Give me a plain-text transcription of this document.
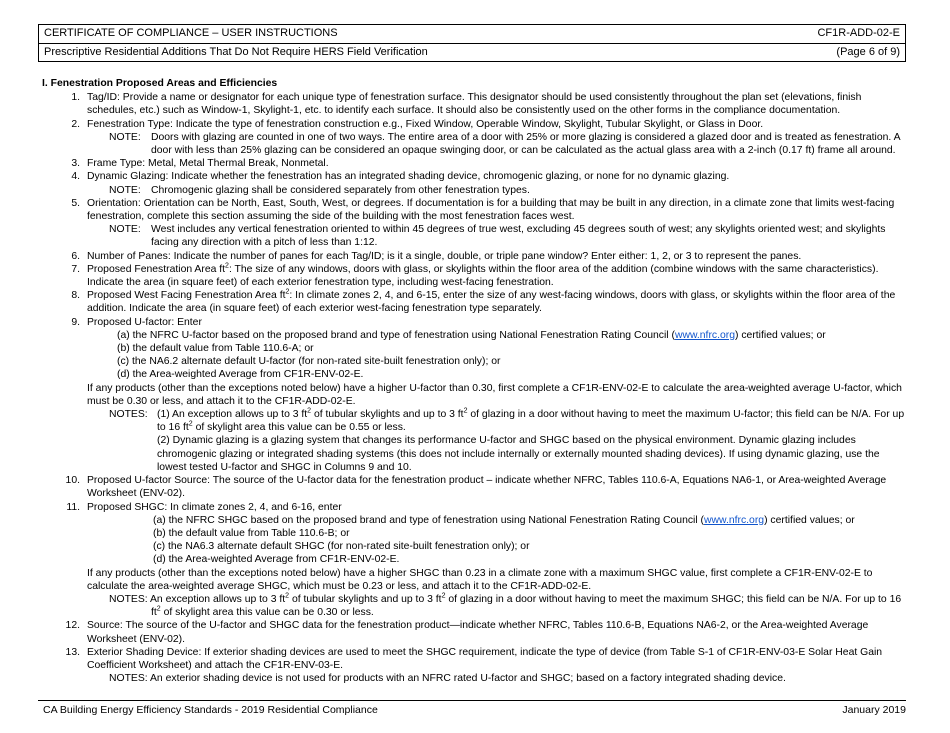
CERTIFICATE OF COMPLIANCE – USER INSTRUCTIONS	CF1R-ADD-02-E
Prescriptive Residential Additions That Do Not Require HERS Field Verification	(Page 6 of 9)
I. Fenestration Proposed Areas and Efficiencies
1. Tag/ID: Provide a name or designator for each unique type of fenestration surface. This designator should be used consistently throughout the plan set (elevations, finish schedules, etc.) such as Window-1, Skylight-1, etc. to identify each surface. It should also be consistently used on the other forms in the compliance documentation.
2. Fenestration Type: Indicate the type of fenestration construction e.g., Fixed Window, Operable Window, Skylight, Tubular Skylight, or Glass in Door.
NOTE: Doors with glazing are counted in one of two ways. The entire area of a door with 25% or more glazing is considered a glazed door and is treated as fenestration. A door with less than 25% glazing can be considered an opaque swinging door, or can be calculated as the actual glass area with a 2-inch (0.17 ft) frame all around.
3. Frame Type: Metal, Metal Thermal Break, Nonmetal.
4. Dynamic Glazing: Indicate whether the fenestration has an integrated shading device, chromogenic glazing, or none for no dynamic glazing.
NOTE: Chromogenic glazing shall be considered separately from other fenestration types.
5. Orientation: Orientation can be North, East, South, West, or degrees. If documentation is for a building that may be built in any direction, in a climate zone that limits west-facing fenestration, complete this section assuming the side of the building with the most fenestration faces west.
NOTE: West includes any vertical fenestration oriented to within 45 degrees of true west, excluding 45 degrees south of west; any skylights oriented west; and skylights facing any direction with a pitch of less than 1:12.
6. Number of Panes: Indicate the number of panes for each Tag/ID; is it a single, double, or triple pane window? Enter either: 1, 2, or 3 to represent the panes.
7. Proposed Fenestration Area $ft^2$: The size of any windows, doors with glass, or skylights within the floor area of the addition (combine windows with the same characteristics). Indicate the area (in square feet) of each exterior fenestration type, including west-facing fenestration.
8. Proposed West Facing Fenestration Area $ft^2$: In climate zones 2, 4, and 6-15, enter the size of any west-facing windows, doors with glass, or skylights within the floor area of the addition. Indicate the area (in square feet) of each exterior west-facing fenestration type separately.
9. Proposed U-factor: Enter
(a) the NFRC U-factor based on the proposed brand and type of fenestration using National Fenestration Rating Council (www.nfrc.org) certified values; or
(b) the default value from Table 110.6-A; or
(c) the NA6.2 alternate default U-factor (for non-rated site-built fenestration only); or
(d) the Area-weighted Average from CF1R-ENV-02-E.
If any products (other than the exceptions noted below) have a higher U-factor than 0.30, first complete a CF1R-ENV-02-E to calculate the area-weighted average U-factor, which must be 0.30 or less, and attach it to the CF1R-ADD-02-E.
NOTES: (1) An exception allows up to 3 $ft^2$ of tubular skylights and up to 3 $ft^2$ of glazing in a door without having to meet the maximum U-factor; this field can be N/A. For up to 16 $ft^2$ of skylight area this value can be 0.55 or less.
(2) Dynamic glazing is a glazing system that changes its performance U-factor and SHGC based on the physical environment. Dynamic glazing includes chromogenic glazing or integrated shading systems (this does not include internally or externally mounted shading devices). If using dynamic glazing, use the lowest tested U-factor and SHGC in Columns 9 and 10.
10. Proposed U-factor Source: The source of the U-factor data for the fenestration product – indicate whether NFRC, Tables 110.6-A, Equations NA6-1, or Area-weighted Average Worksheet (ENV-02).
11. Proposed SHGC: In climate zones 2, 4, and 6-16, enter
(a) the NFRC SHGC based on the proposed brand and type of fenestration using National Fenestration Rating Council (www.nfrc.org) certified values; or
(b) the default value from Table 110.6-B; or
(c) the NA6.3 alternate default SHGC (for non-rated site-built fenestration only); or
(d) the Area-weighted Average from CF1R-ENV-02-E.
If any products (other than the exceptions noted below) have a higher SHGC than 0.23 in a climate zone with a maximum SHGC value, first complete a CF1R-ENV-02-E to calculate the area-weighted average SHGC, which must be 0.23 or less, and attach it to the CF1R-ADD-02-E.
NOTES: An exception allows up to 3 $ft^2$ of tubular skylights and up to 3 $ft^2$ of glazing in a door without having to meet the maximum SHGC; this field can be N/A. For up to 16 $ft^2$ of skylight area this value can be 0.30 or less.
12. Source: The source of the U-factor and SHGC data for the fenestration product—indicate whether NFRC, Tables 110.6-B, Equations NA6-2, or the Area-weighted Average Worksheet (ENV-02).
13. Exterior Shading Device: If exterior shading devices are used to meet the SHGC requirement, indicate the type of device (from Table S-1 of CF1R-ENV-03-E Solar Heat Gain Coefficient Worksheet) and attach the CF1R-ENV-03-E.
NOTES: An exterior shading device is not used for products with an NFRC rated U-factor and SHGC; based on a factory integrated shading device.
CA Building Energy Efficiency Standards - 2019 Residential Compliance	January 2019
